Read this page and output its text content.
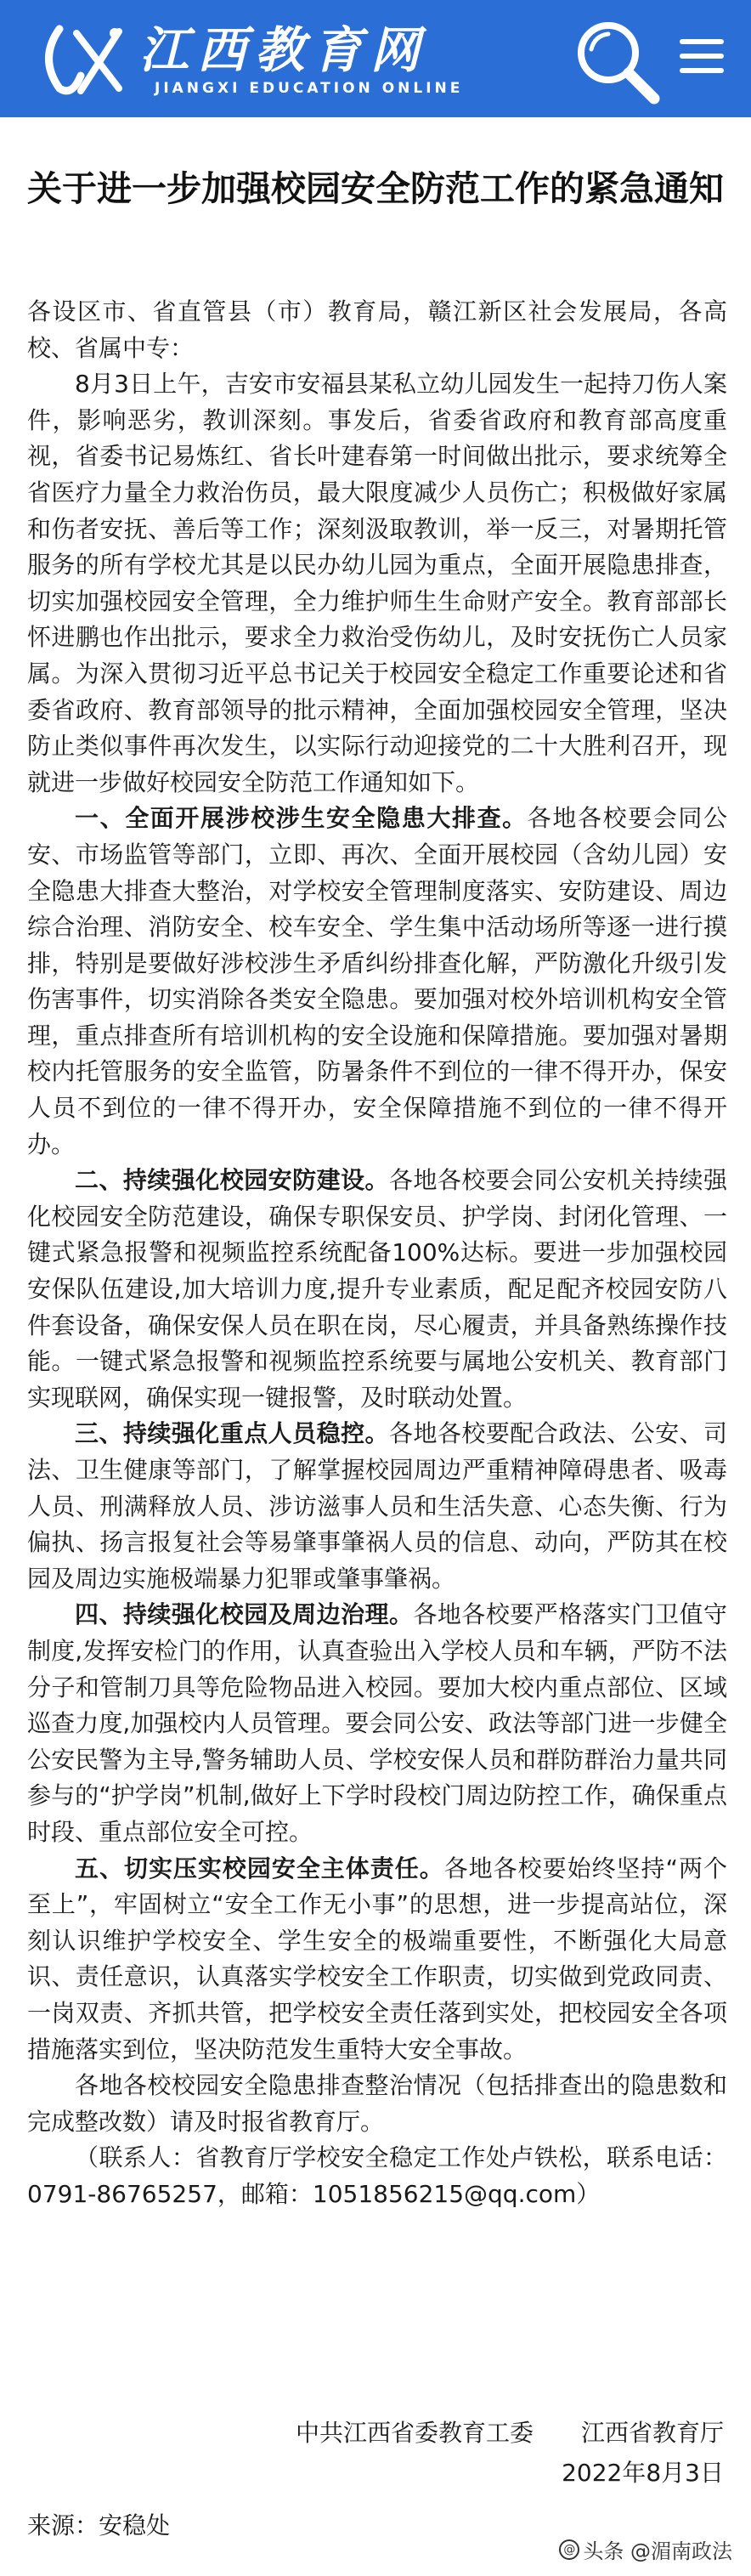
江西教育网
JIANGXI EDUCATION ONLINE
关于进一步加强校园安全防范工作的紧急通知

各设区市、省直管县（市）教育局，赣江新区社会发展局，各高校、省属中专：

8月3日上午，吉安市安福县某私立幼儿园发生一起持刀伤人案件，影响恶劣，教训深刻。事发后，省委省政府和教育部高度重视，省委书记易炼红、省长叶建春第一时间做出批示，要求统筹全省医疗力量全力救治伤员，最大限度减少人员伤亡；积极做好家属和伤者安抚、善后等工作；深刻汲取教训，举一反三，对暑期托管服务的所有学校尤其是以民办幼儿园为重点，全面开展隐患排查，切实加强校园安全管理，全力维护师生生命财产安全。教育部部长怀进鹏也作出批示，要求全力救治受伤幼儿，及时安抚伤亡人员家属。为深入贯彻习近平总书记关于校园安全稳定工作重要论述和省委省政府、教育部领导的批示精神，全面加强校园安全管理，坚决防止类似事件再次发生，以实际行动迎接党的二十大胜利召开，现就进一步做好校园安全防范工作通知如下。

一、全面开展涉校涉生安全隐患大排查。各地各校要会同公安、市场监管等部门，立即、再次、全面开展校园（含幼儿园）安全隐患大排查大整治，对学校安全管理制度落实、安防建设、周边综合治理、消防安全、校车安全、学生集中活动场所等逐一进行摸排，特别是要做好涉校涉生矛盾纠纷排查化解，严防激化升级引发伤害事件，切实消除各类安全隐患。要加强对校外培训机构安全管理，重点排查所有培训机构的安全设施和保障措施。要加强对暑期校内托管服务的安全监管，防暑条件不到位的一律不得开办，保安人员不到位的一律不得开办，安全保障措施不到位的一律不得开办。

二、持续强化校园安防建设。各地各校要会同公安机关持续强化校园安全防范建设，确保专职保安员、护学岗、封闭化管理、一键式紧急报警和视频监控系统配备100%达标。要进一步加强校园安保队伍建设,加大培训力度,提升专业素质，配足配齐校园安防八件套设备，确保安保人员在职在岗，尽心履责，并具备熟练操作技能。一键式紧急报警和视频监控系统要与属地公安机关、教育部门实现联网，确保实现一键报警，及时联动处置。

三、持续强化重点人员稳控。各地各校要配合政法、公安、司法、卫生健康等部门，了解掌握校园周边严重精神障碍患者、吸毒人员、刑满释放人员、涉访滋事人员和生活失意、心态失衡、行为偏执、扬言报复社会等易肇事肇祸人员的信息、动向，严防其在校园及周边实施极端暴力犯罪或肇事肇祸。

四、持续强化校园及周边治理。各地各校要严格落实门卫值守制度,发挥安检门的作用，认真查验出入学校人员和车辆，严防不法分子和管制刀具等危险物品进入校园。要加大校内重点部位、区域巡查力度,加强校内人员管理。要会同公安、政法等部门进一步健全公安民警为主导,警务辅助人员、学校安保人员和群防群治力量共同参与的“护学岗”机制,做好上下学时段校门周边防控工作，确保重点时段、重点部位安全可控。

五、切实压实校园安全主体责任。各地各校要始终坚持“两个至上”，牢固树立“安全工作无小事”的思想，进一步提高站位，深刻认识维护学校安全、学生安全的极端重要性，不断强化大局意识、责任意识，认真落实学校安全工作职责，切实做到党政同责、一岗双责、齐抓共管，把学校安全责任落到实处，把校园安全各项措施落实到位，坚决防范发生重特大安全事故。

各地各校校园安全隐患排查整治情况（包括排查出的隐患数和完成整改数）请及时报省教育厅。

（联系人：省教育厅学校安全稳定工作处卢铁松，联系电话：0791-86765257，邮箱：1051856215@qq.com）

中共江西省委教育工委　　江西省教育厅
2022年8月3日
来源：安稳处
@ 头条 @湄南政法
